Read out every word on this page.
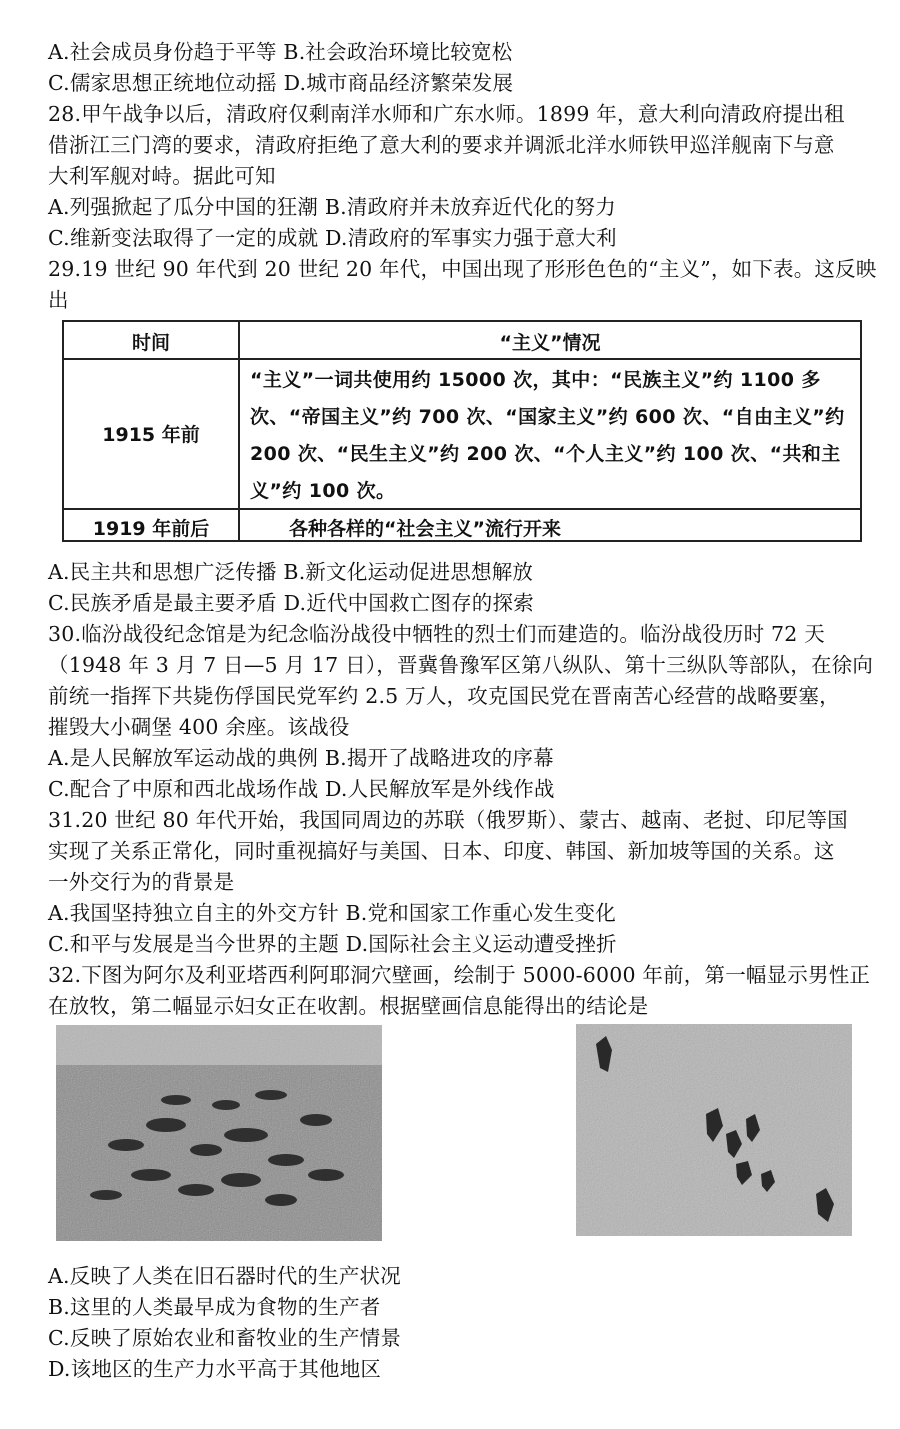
A.社会成员身份趋于平等 B.社会政治环境比较宽松
C.儒家思想正统地位动摇 D.城市商品经济繁荣发展
28.甲午战争以后，清政府仅剩南洋水师和广东水师。1899 年，意大利向清政府提出租
借浙江三门湾的要求，清政府拒绝了意大利的要求并调派北洋水师铁甲巡洋舰南下与意
大利军舰对峙。据此可知
A.列强掀起了瓜分中国的狂潮 B.清政府并未放弃近代化的努力
C.维新变法取得了一定的成就 D.清政府的军事实力强于意大利
29.19 世纪 90 年代到 20 世纪 20 年代，中国出现了形形色色的“主义”，如下表。这反映
出
时间	“主义”情况
1915 年前
“主义”一词共使用约 15000 次，其中：“民族主义”约 1100 多次、“帝国主义”约 700 次、“国家主义”约 600 次、“自由主义”约 200 次、“民生主义”约 200 次、“个人主义”约 100 次、“共和主义”约 100 次。
1919 年前后	各种各样的“社会主义”流行开来
A.民主共和思想广泛传播 B.新文化运动促进思想解放
C.民族矛盾是最主要矛盾 D.近代中国救亡图存的探索
30.临汾战役纪念馆是为纪念临汾战役中牺牲的烈士们而建造的。临汾战役历时 72 天
（1948 年 3 月 7 日—5 月 17 日），晋冀鲁豫军区第八纵队、第十三纵队等部队，在徐向
前统一指挥下共毙伤俘国民党军约 2.5 万人，攻克国民党在晋南苦心经营的战略要塞，
摧毁大小碉堡 400 余座。该战役
A.是人民解放军运动战的典例 B.揭开了战略进攻的序幕
C.配合了中原和西北战场作战 D.人民解放军是外线作战
31.20 世纪 80 年代开始，我国同周边的苏联（俄罗斯）、蒙古、越南、老挝、印尼等国
实现了关系正常化，同时重视搞好与美国、日本、印度、韩国、新加坡等国的关系。这
一外交行为的背景是
A.我国坚持独立自主的外交方针 B.党和国家工作重心发生变化
C.和平与发展是当今世界的主题 D.国际社会主义运动遭受挫折
32.下图为阿尔及利亚塔西利阿耶洞穴壁画，绘制于 5000-6000 年前，第一幅显示男性正
在放牧，第二幅显示妇女正在收割。根据壁画信息能得出的结论是
A.反映了人类在旧石器时代的生产状况
B.这里的人类最早成为食物的生产者
C.反映了原始农业和畜牧业的生产情景
D.该地区的生产力水平高于其他地区
